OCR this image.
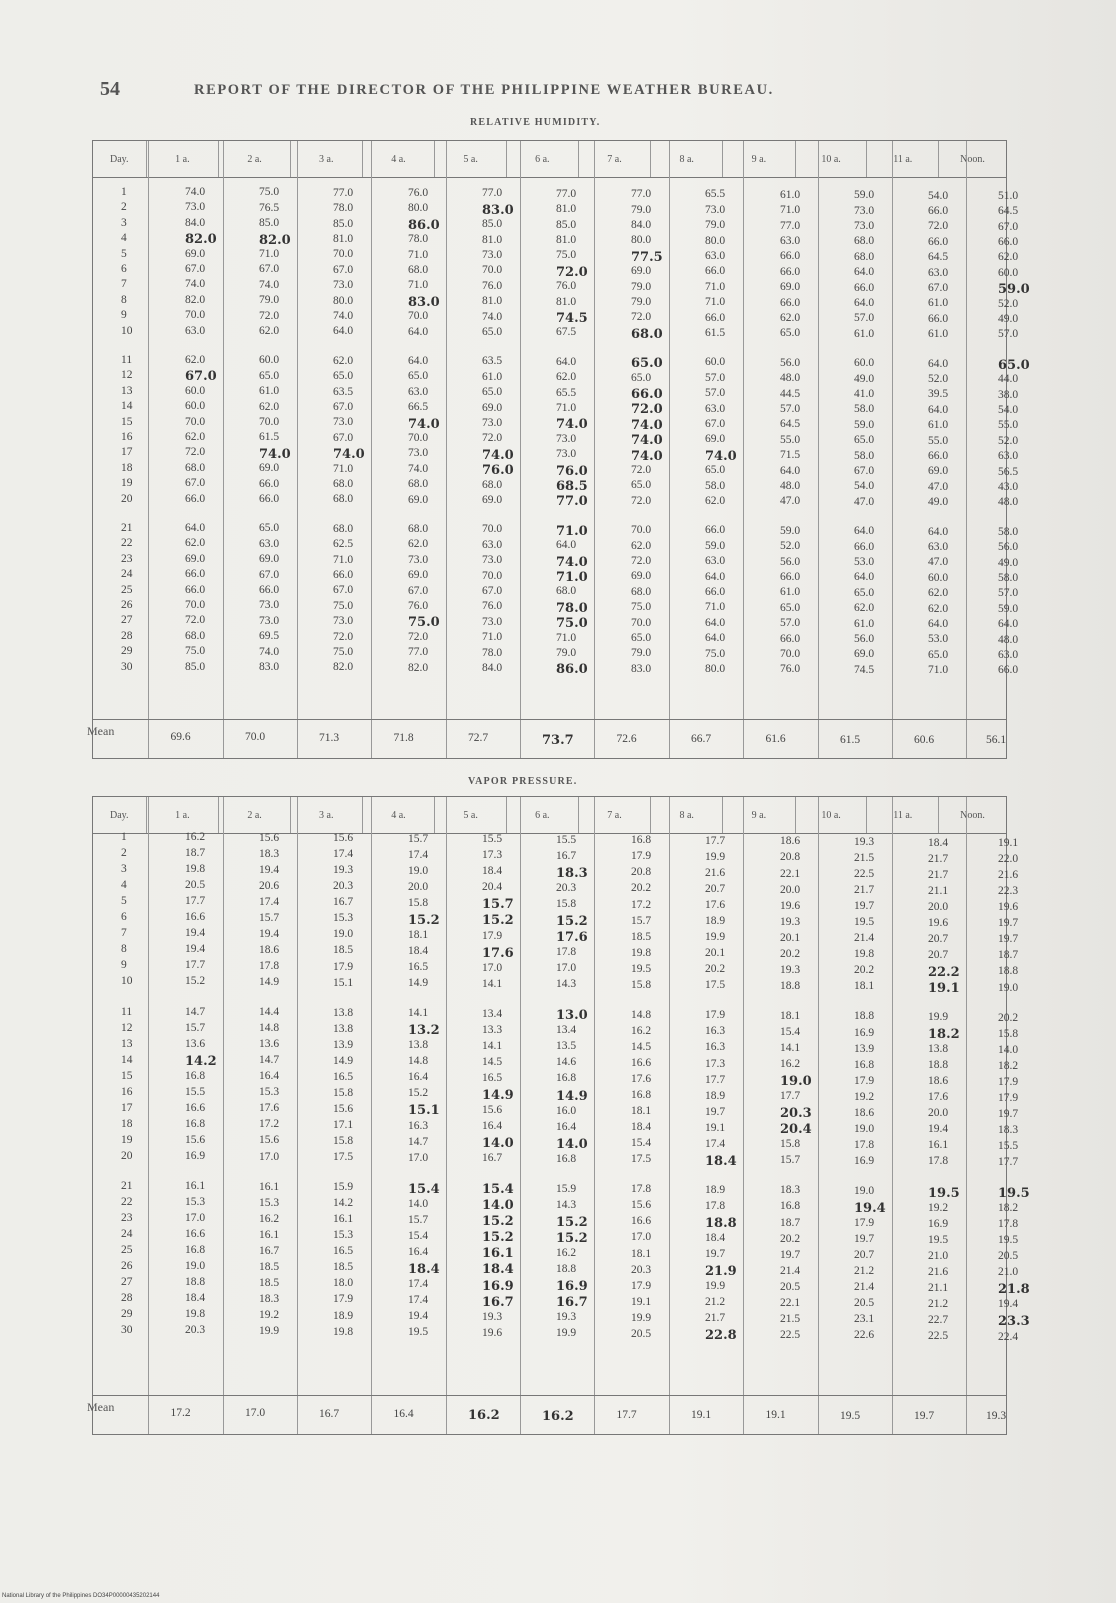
54	REPORT OF THE DIRECTOR OF THE PHILIPPINE WEATHER BUREAU.
RELATIVE HUMIDITY.
Day.	1 a.	2 a.	3 a.	4 a.	5 a.	6 a.	7 a.	8 a.	9 a.	10 a.	11 a.	Noon.
1	74.0	75.0	77.0	76.0	77.0	77.0	77.0	65.5	61.0	59.0	54.0	51.0
2	73.0	76.5	78.0	80.0	83.0	81.0	79.0	73.0	71.0	73.0	66.0	64.5
3	84.0	85.0	85.0	86.0	85.0	85.0	84.0	79.0	77.0	73.0	72.0	67.0
4	82.0	82.0	81.0	78.0	81.0	81.0	80.0	80.0	63.0	68.0	66.0	66.0
5	69.0	71.0	70.0	71.0	73.0	75.0	77.5	63.0	66.0	68.0	64.5	62.0
6	67.0	67.0	67.0	68.0	70.0	72.0	69.0	66.0	66.0	64.0	63.0	60.0
7	74.0	74.0	73.0	71.0	76.0	76.0	79.0	71.0	69.0	66.0	67.0	59.0
8	82.0	79.0	80.0	83.0	81.0	81.0	79.0	71.0	66.0	64.0	61.0	52.0
9	70.0	72.0	74.0	70.0	74.0	74.5	72.0	66.0	62.0	57.0	66.0	49.0
10	63.0	62.0	64.0	64.0	65.0	67.5	68.0	61.5	65.0	61.0	61.0	57.0
11	62.0	60.0	62.0	64.0	63.5	64.0	65.0	60.0	56.0	60.0	64.0	65.0
12	67.0	65.0	65.0	65.0	61.0	62.0	65.0	57.0	48.0	49.0	52.0	44.0
13	60.0	61.0	63.5	63.0	65.0	65.5	66.0	57.0	44.5	41.0	39.5	38.0
14	60.0	62.0	67.0	66.5	69.0	71.0	72.0	63.0	57.0	58.0	64.0	54.0
15	70.0	70.0	73.0	74.0	73.0	74.0	74.0	67.0	64.5	59.0	61.0	55.0
16	62.0	61.5	67.0	70.0	72.0	73.0	74.0	69.0	55.0	65.0	55.0	52.0
17	72.0	74.0	74.0	73.0	74.0	73.0	74.0	74.0	71.5	58.0	66.0	63.0
18	68.0	69.0	71.0	74.0	76.0	76.0	72.0	65.0	64.0	67.0	69.0	56.5
19	67.0	66.0	68.0	68.0	68.0	68.5	65.0	58.0	48.0	54.0	47.0	43.0
20	66.0	66.0	68.0	69.0	69.0	77.0	72.0	62.0	47.0	47.0	49.0	48.0
21	64.0	65.0	68.0	68.0	70.0	71.0	70.0	66.0	59.0	64.0	64.0	58.0
22	62.0	63.0	62.5	62.0	63.0	64.0	62.0	59.0	52.0	66.0	63.0	56.0
23	69.0	69.0	71.0	73.0	73.0	74.0	72.0	63.0	56.0	53.0	47.0	49.0
24	66.0	67.0	66.0	69.0	70.0	71.0	69.0	64.0	66.0	64.0	60.0	58.0
25	66.0	66.0	67.0	67.0	67.0	68.0	68.0	66.0	61.0	65.0	62.0	57.0
26	70.0	73.0	75.0	76.0	76.0	78.0	75.0	71.0	65.0	62.0	62.0	59.0
27	72.0	73.0	73.0	75.0	73.0	75.0	70.0	64.0	57.0	61.0	64.0	64.0
28	68.0	69.5	72.0	72.0	71.0	71.0	65.0	64.0	66.0	56.0	53.0	48.0
29	75.0	74.0	75.0	77.0	78.0	79.0	79.0	75.0	70.0	69.0	65.0	63.0
30	85.0	83.0	82.0	82.0	84.0	86.0	83.0	80.0	76.0	74.5	71.0	66.0
Mean	69.6	70.0	71.3	71.8	72.7	73.7	72.6	66.7	61.6	61.5	60.6	56.1
VAPOR PRESSURE.
Day.	1 a.	2 a.	3 a.	4 a.	5 a.	6 a.	7 a.	8 a.	9 a.	10 a.	11 a.	Noon.
1	16.2	15.6	15.6	15.7	15.5	15.5	16.8	17.7	18.6	19.3	18.4	19.1
2	18.7	18.3	17.4	17.4	17.3	16.7	17.9	19.9	20.8	21.5	21.7	22.0
3	19.8	19.4	19.3	19.0	18.4	18.3	20.8	21.6	22.1	22.5	21.7	21.6
4	20.5	20.6	20.3	20.0	20.4	20.3	20.2	20.7	20.0	21.7	21.1	22.3
5	17.7	17.4	16.7	15.8	15.7	15.8	17.2	17.6	19.6	19.7	20.0	19.6
6	16.6	15.7	15.3	15.2	15.2	15.2	15.7	18.9	19.3	19.5	19.6	19.7
7	19.4	19.4	19.0	18.1	17.9	17.6	18.5	19.9	20.1	21.4	20.7	19.7
8	19.4	18.6	18.5	18.4	17.6	17.8	19.8	20.1	20.2	19.8	20.7	18.7
9	17.7	17.8	17.9	16.5	17.0	17.0	19.5	20.2	19.3	20.2	22.2	18.8
10	15.2	14.9	15.1	14.9	14.1	14.3	15.8	17.5	18.8	18.1	19.1	19.0
11	14.7	14.4	13.8	14.1	13.4	13.0	14.8	17.9	18.1	18.8	19.9	20.2
12	15.7	14.8	13.8	13.2	13.3	13.4	16.2	16.3	15.4	16.9	18.2	15.8
13	13.6	13.6	13.9	13.8	14.1	13.5	14.5	16.3	14.1	13.9	13.8	14.0
14	14.2	14.7	14.9	14.8	14.5	14.6	16.6	17.3	16.2	16.8	18.8	18.2
15	16.8	16.4	16.5	16.4	16.5	16.8	17.6	17.7	19.0	17.9	18.6	17.9
16	15.5	15.3	15.8	15.2	14.9	14.9	16.8	18.9	17.7	19.2	17.6	17.9
17	16.6	17.6	15.6	15.1	15.6	16.0	18.1	19.7	20.3	18.6	20.0	19.7
18	16.8	17.2	17.1	16.3	16.4	16.4	18.4	19.1	20.4	19.0	19.4	18.3
19	15.6	15.6	15.8	14.7	14.0	14.0	15.4	17.4	15.8	17.8	16.1	15.5
20	16.9	17.0	17.5	17.0	16.7	16.8	17.5	18.4	15.7	16.9	17.8	17.7
21	16.1	16.1	15.9	15.4	15.4	15.9	17.8	18.9	18.3	19.0	19.5	19.5
22	15.3	15.3	14.2	14.0	14.0	14.3	15.6	17.8	16.8	19.4	19.2	18.2
23	17.0	16.2	16.1	15.7	15.2	15.2	16.6	18.8	18.7	17.9	16.9	17.8
24	16.6	16.1	15.3	15.4	15.2	15.2	17.0	18.4	20.2	19.7	19.5	19.5
25	16.8	16.7	16.5	16.4	16.1	16.2	18.1	19.7	19.7	20.7	21.0	20.5
26	19.0	18.5	18.5	18.4	18.4	18.8	20.3	21.9	21.4	21.2	21.6	21.0
27	18.8	18.5	18.0	17.4	16.9	16.9	17.9	19.9	20.5	21.4	21.1	21.8
28	18.4	18.3	17.9	17.4	16.7	16.7	19.1	21.2	22.1	20.5	21.2	19.4
29	19.8	19.2	18.9	19.4	19.3	19.3	19.9	21.7	21.5	23.1	22.7	23.3
30	20.3	19.9	19.8	19.5	19.6	19.9	20.5	22.8	22.5	22.6	22.5	22.4
Mean	17.2	17.0	16.7	16.4	16.2	16.2	17.7	19.1	19.1	19.5	19.7	19.3
National Library of the Philippines DO34P00000435202144
